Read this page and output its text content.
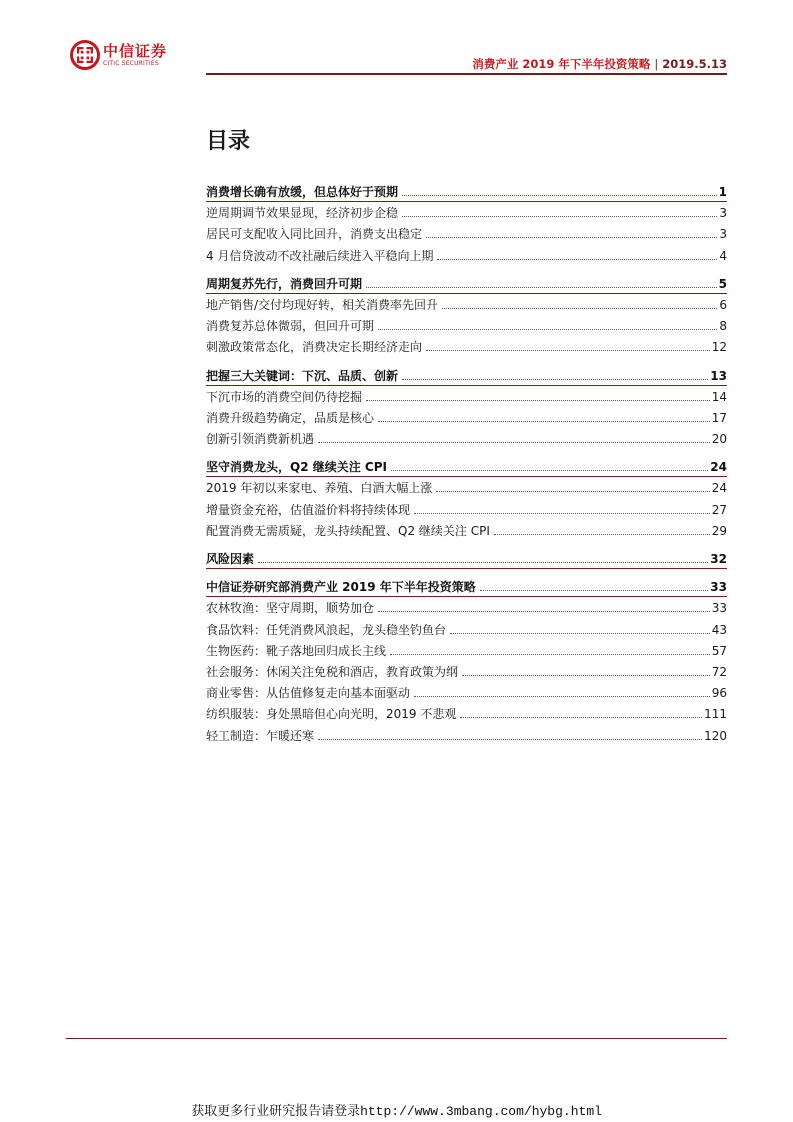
中信证券
CITIC SECURITIES	消费产业 2019 年下半年投资策略 | 2019.5.13
目录
消费增长确有放缓，但总体好于预期	1
逆周期调节效果显现，经济初步企稳	3
居民可支配收入同比回升，消费支出稳定	3
4 月信贷波动不改社融后续进入平稳向上期	4
周期复苏先行，消费回升可期	5
地产销售/交付均现好转，相关消费率先回升	6
消费复苏总体微弱，但回升可期	8
刺激政策常态化，消费决定长期经济走向	12
把握三大关键词：下沉、品质、创新	13
下沉市场的消费空间仍待挖掘	14
消费升级趋势确定，品质是核心	17
创新引领消费新机遇	20
坚守消费龙头，Q2 继续关注 CPI	24
2019 年初以来家电、养殖、白酒大幅上涨	24
增量资金充裕，估值溢价料将持续体现	27
配置消费无需质疑，龙头持续配置、Q2 继续关注 CPI	29
风险因素	32
中信证券研究部消费产业 2019 年下半年投资策略	33
农林牧渔：坚守周期，顺势加仓	33
食品饮料：任凭消费风浪起，龙头稳坐钓鱼台	43
生物医药：靴子落地回归成长主线	57
社会服务：休闲关注免税和酒店，教育政策为纲	72
商业零售：从估值修复走向基本面驱动	96
纺织服装：身处黑暗但心向光明，2019 不悲观	111
轻工制造：乍暖还寒	120
获取更多行业研究报告请登录http://www.3mbang.com/hybg.html
